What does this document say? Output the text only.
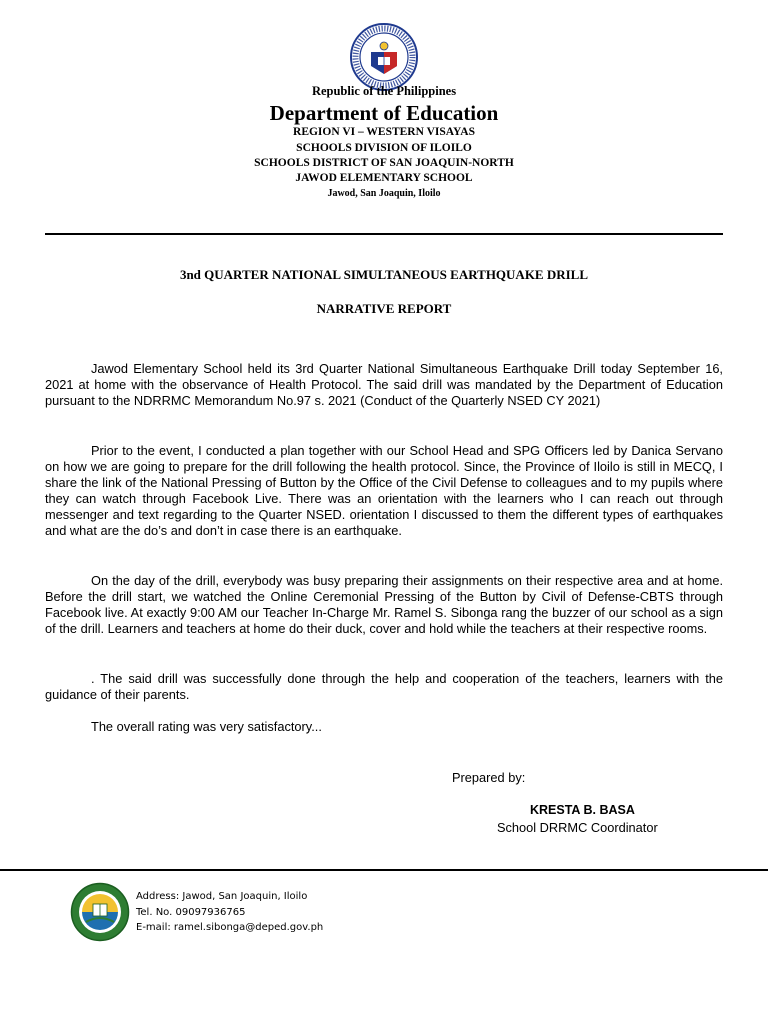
Republic of the Philippines
Department of Education
REGION VI – WESTERN VISAYAS
SCHOOLS DIVISION OF ILOILO
SCHOOLS DISTRICT OF SAN JOAQUIN-NORTH
JAWOD ELEMENTARY SCHOOL
Jawod, San Joaquin, Iloilo
3nd QUARTER NATIONAL SIMULTANEOUS EARTHQUAKE DRILL
NARRATIVE REPORT

Jawod Elementary School held its 3rd Quarter National Simultaneous Earthquake Drill today September 16, 2021 at home with the observance of Health Protocol. The said drill was mandated by the Department of Education pursuant to the NDRRMC Memorandum No.97 s. 2021 (Conduct of the Quarterly NSED CY 2021)

Prior to the event, I conducted a plan together with our School Head and SPG Officers led by Danica Servano on how we are going to prepare for the drill following the health protocol. Since, the Province of Iloilo is still in MECQ, I share the link of the National Pressing of Button by the Office of the Civil Defense to colleagues and to my pupils where they can watch through Facebook Live. There was an orientation with the learners who I can reach out through messenger and text regarding to the Quarter NSED. orientation I discussed to them the different types of earthquakes and what are the do’s and don’t in case there is an earthquake.

On the day of the drill, everybody was busy preparing their assignments on their respective area and at home. Before the drill start, we watched the Online Ceremonial Pressing of the Button by Civil of Defense-CBTS through Facebook live. At exactly 9:00 AM our Teacher In-Charge Mr. Ramel S. Sibonga rang the buzzer of our school as a sign of the drill. Learners and teachers at home do their duck, cover and hold while the teachers at their respective rooms.

. The said drill was successfully done through the help and cooperation of the teachers, learners with the guidance of their parents.

The overall rating was very satisfactory...

Prepared by:
KRESTA B. BASA
School DRRMC Coordinator
Address: Jawod, San Joaquin, Iloilo
Tel. No. 09097936765
E-mail: ramel.sibonga@deped.gov.ph
